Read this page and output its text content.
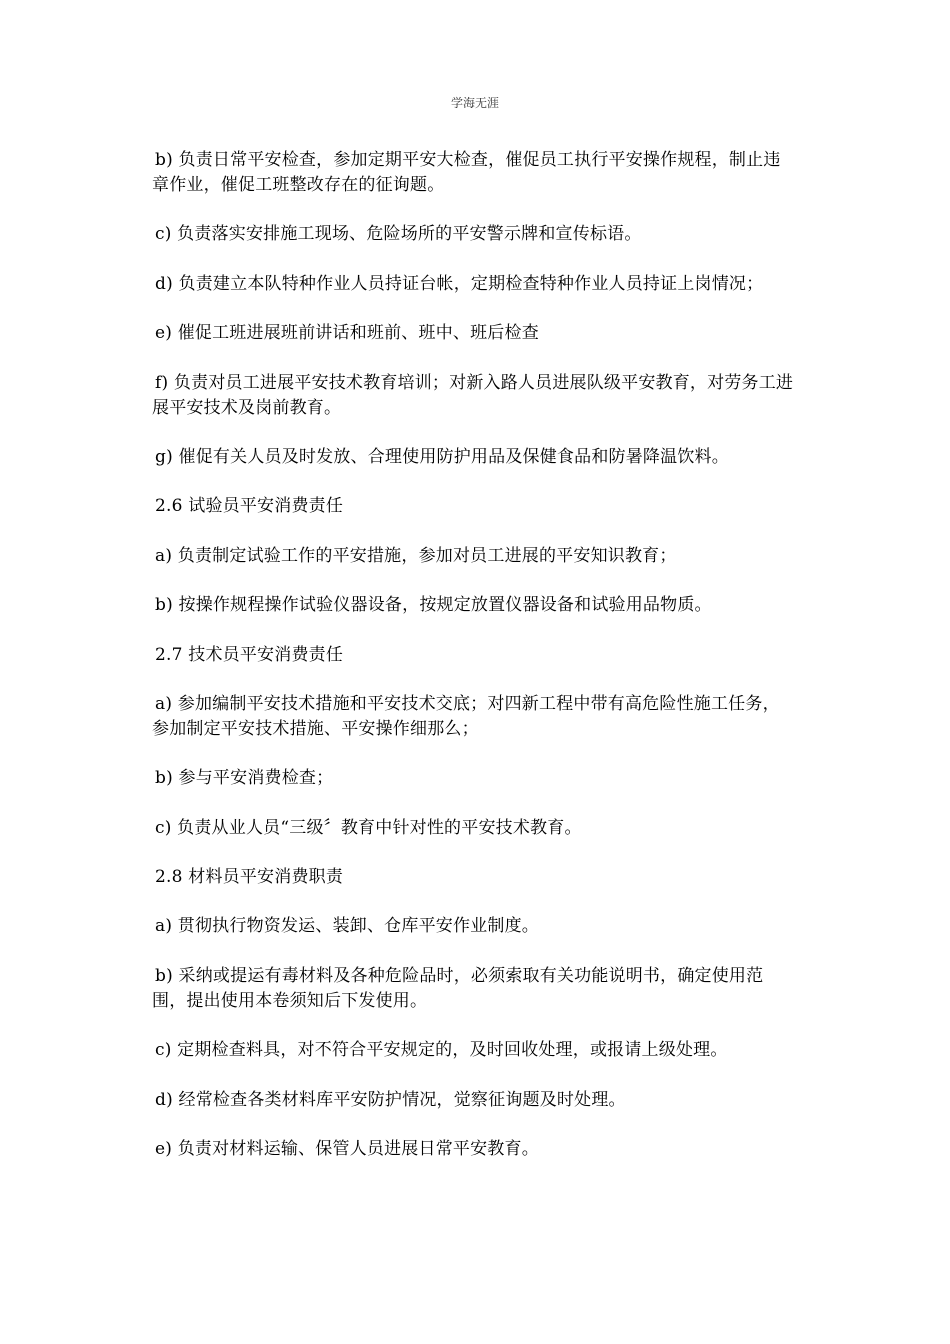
学海无涯

b) 负责日常平安检查，参加定期平安大检查，催促员工执行平安操作规程，制止违章作业，催促工班整改存在的征询题。

c) 负责落实安排施工现场、危险场所的平安警示牌和宣传标语。

d) 负责建立本队特种作业人员持证台帐，定期检查特种作业人员持证上岗情况；

e) 催促工班进展班前讲话和班前、班中、班后检查

f) 负责对员工进展平安技术教育培训；对新入路人员进展队级平安教育，对劳务工进展平安技术及岗前教育。

g) 催促有关人员及时发放、合理使用防护用品及保健食品和防暑降温饮料。

2.6 试验员平安消费责任

a) 负责制定试验工作的平安措施，参加对员工进展的平安知识教育；

b) 按操作规程操作试验仪器设备，按规定放置仪器设备和试验用品物质。

2.7 技术员平安消费责任

a) 参加编制平安技术措施和平安技术交底；对四新工程中带有高危险性施工任务，参加制定平安技术措施、平安操作细那么；

b) 参与平安消费检查；

c) 负责从业人员“三级〞教育中针对性的平安技术教育。

2.8 材料员平安消费职责

a) 贯彻执行物资发运、装卸、仓库平安作业制度。

b) 采纳或提运有毒材料及各种危险品时，必须索取有关功能说明书，确定使用范围，提出使用本卷须知后下发使用。

c) 定期检查料具，对不符合平安规定的，及时回收处理，或报请上级处理。

d) 经常检查各类材料库平安防护情况，觉察征询题及时处理。

e) 负责对材料运输、保管人员进展日常平安教育。
